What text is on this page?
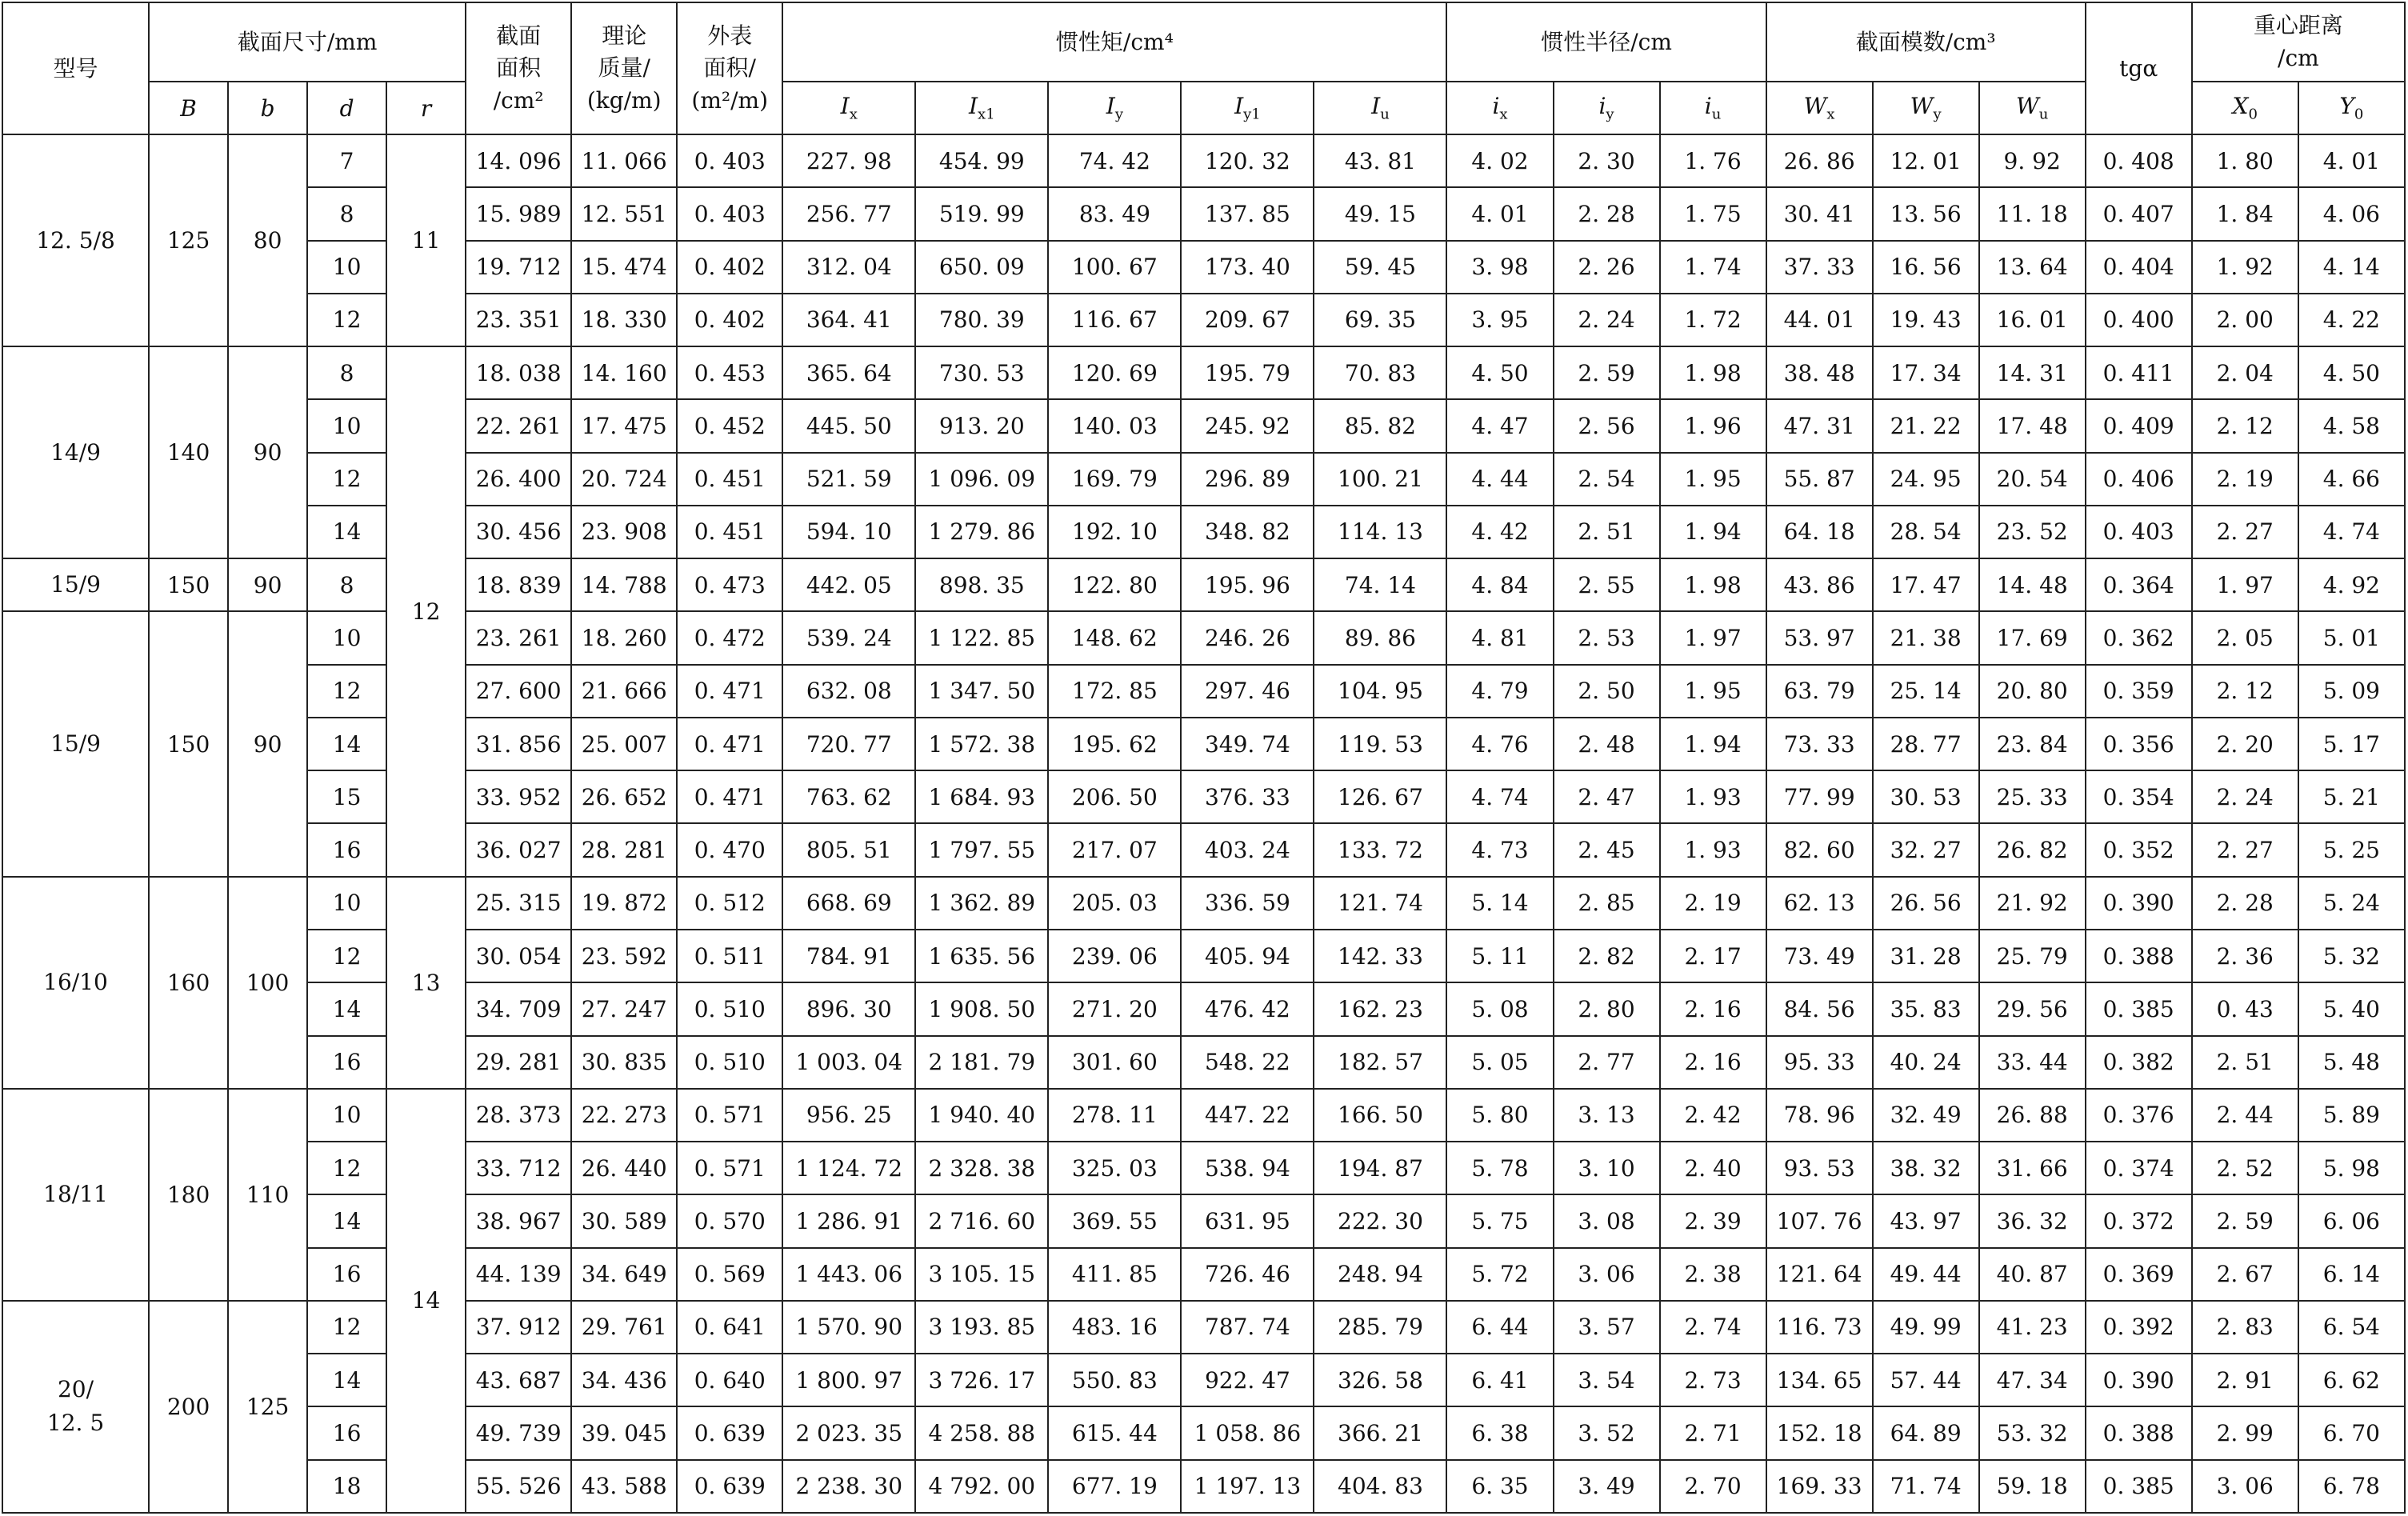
型号	截面尺寸/mm				截面
面积
/cm²	理论
质量/
(kg/m)	外表
面积/
(m²/m)	惯性矩/cm⁴					惯性半径/cm			截面模数/cm³			tgα	重心距离
/cm	

	B	b	d	r				$I_x$	$I_{x1}$	$I_y$	$I_{y1}$	$I_u$	$i_x$	$i_y$	$i_u$	$W_x$	$W_y$	$W_u$		$X_0$	$Y_0$

12. 5/8	125	80	7	11	14. 096	11. 066	0. 403	227. 98	454. 99	74. 42	120. 32	43. 81	4. 02	2. 30	1. 76	26. 86	12. 01	9. 92	0. 408	1. 80	4. 01
			8		15. 989	12. 551	0. 403	256. 77	519. 99	83. 49	137. 85	49. 15	4. 01	2. 28	1. 75	30. 41	13. 56	11. 18	0. 407	1. 84	4. 06
			10		19. 712	15. 474	0. 402	312. 04	650. 09	100. 67	173. 40	59. 45	3. 98	2. 26	1. 74	37. 33	16. 56	13. 64	0. 404	1. 92	4. 14
			12		23. 351	18. 330	0. 402	364. 41	780. 39	116. 67	209. 67	69. 35	3. 95	2. 24	1. 72	44. 01	19. 43	16. 01	0. 400	2. 00	4. 22

14/9	140	90	8	12	18. 038	14. 160	0. 453	365. 64	730. 53	120. 69	195. 79	70. 83	4. 50	2. 59	1. 98	38. 48	17. 34	14. 31	0. 411	2. 04	4. 50
			10		22. 261	17. 475	0. 452	445. 50	913. 20	140. 03	245. 92	85. 82	4. 47	2. 56	1. 96	47. 31	21. 22	17. 48	0. 409	2. 12	4. 58
			12		26. 400	20. 724	0. 451	521. 59	1 096. 09	169. 79	296. 89	100. 21	4. 44	2. 54	1. 95	55. 87	24. 95	20. 54	0. 406	2. 19	4. 66
			14		30. 456	23. 908	0. 451	594. 10	1 279. 86	192. 10	348. 82	114. 13	4. 42	2. 51	1. 94	64. 18	28. 54	23. 52	0. 403	2. 27	4. 74

15/9	150	90	8		18. 839	14. 788	0. 473	442. 05	898. 35	122. 80	195. 96	74. 14	4. 84	2. 55	1. 98	43. 86	17. 47	14. 48	0. 364	1. 97	4. 92

15/9	150	90	10		23. 261	18. 260	0. 472	539. 24	1 122. 85	148. 62	246. 26	89. 86	4. 81	2. 53	1. 97	53. 97	21. 38	17. 69	0. 362	2. 05	5. 01
			12		27. 600	21. 666	0. 471	632. 08	1 347. 50	172. 85	297. 46	104. 95	4. 79	2. 50	1. 95	63. 79	25. 14	20. 80	0. 359	2. 12	5. 09
			14		31. 856	25. 007	0. 471	720. 77	1 572. 38	195. 62	349. 74	119. 53	4. 76	2. 48	1. 94	73. 33	28. 77	23. 84	0. 356	2. 20	5. 17
			15		33. 952	26. 652	0. 471	763. 62	1 684. 93	206. 50	376. 33	126. 67	4. 74	2. 47	1. 93	77. 99	30. 53	25. 33	0. 354	2. 24	5. 21
			16		36. 027	28. 281	0. 470	805. 51	1 797. 55	217. 07	403. 24	133. 72	4. 73	2. 45	1. 93	82. 60	32. 27	26. 82	0. 352	2. 27	5. 25

16/10	160	100	10	13	25. 315	19. 872	0. 512	668. 69	1 362. 89	205. 03	336. 59	121. 74	5. 14	2. 85	2. 19	62. 13	26. 56	21. 92	0. 390	2. 28	5. 24
			12		30. 054	23. 592	0. 511	784. 91	1 635. 56	239. 06	405. 94	142. 33	5. 11	2. 82	2. 17	73. 49	31. 28	25. 79	0. 388	2. 36	5. 32
			14		34. 709	27. 247	0. 510	896. 30	1 908. 50	271. 20	476. 42	162. 23	5. 08	2. 80	2. 16	84. 56	35. 83	29. 56	0. 385	0. 43	5. 40
			16		29. 281	30. 835	0. 510	1 003. 04	2 181. 79	301. 60	548. 22	182. 57	5. 05	2. 77	2. 16	95. 33	40. 24	33. 44	0. 382	2. 51	5. 48

18/11	180	110	10	14	28. 373	22. 273	0. 571	956. 25	1 940. 40	278. 11	447. 22	166. 50	5. 80	3. 13	2. 42	78. 96	32. 49	26. 88	0. 376	2. 44	5. 89
			12		33. 712	26. 440	0. 571	1 124. 72	2 328. 38	325. 03	538. 94	194. 87	5. 78	3. 10	2. 40	93. 53	38. 32	31. 66	0. 374	2. 52	5. 98
			14		38. 967	30. 589	0. 570	1 286. 91	2 716. 60	369. 55	631. 95	222. 30	5. 75	3. 08	2. 39	107. 76	43. 97	36. 32	0. 372	2. 59	6. 06
			16		44. 139	34. 649	0. 569	1 443. 06	3 105. 15	411. 85	726. 46	248. 94	5. 72	3. 06	2. 38	121. 64	49. 44	40. 87	0. 369	2. 67	6. 14

20/
12. 5	200	125	12		37. 912	29. 761	0. 641	1 570. 90	3 193. 85	483. 16	787. 74	285. 79	6. 44	3. 57	2. 74	116. 73	49. 99	41. 23	0. 392	2. 83	6. 54
			14		43. 687	34. 436	0. 640	1 800. 97	3 726. 17	550. 83	922. 47	326. 58	6. 41	3. 54	2. 73	134. 65	57. 44	47. 34	0. 390	2. 91	6. 62
			16		49. 739	39. 045	0. 639	2 023. 35	4 258. 88	615. 44	1 058. 86	366. 21	6. 38	3. 52	2. 71	152. 18	64. 89	53. 32	0. 388	2. 99	6. 70
			18		55. 526	43. 588	0. 639	2 238. 30	4 792. 00	677. 19	1 197. 13	404. 83	6. 35	3. 49	2. 70	169. 33	71. 74	59. 18	0. 385	3. 06	6. 78
